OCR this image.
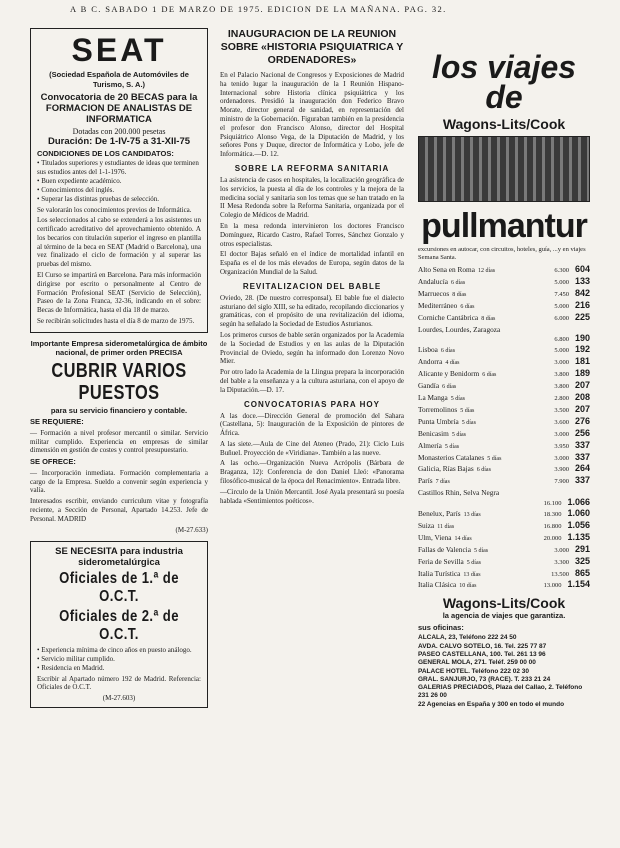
A B C. SABADO 1 DE MARZO DE 1975. EDICION DE LA MAÑANA. PAG. 32.
SEAT
(Sociedad Española de Automóviles de Turismo, S. A.)
Convocatoria de 20 BECAS para la FORMACION DE ANALISTAS DE INFORMATICA
Dotadas con 200.000 pesetas
Duración: De 1-IV-75 a 31-XII-75
CONDICIONES DE LOS CANDIDATOS:
• Titulados superiores y estudiantes de ideas que terminen sus estudios antes del 1-1-1976.
• Buen expediente académico.
• Conocimientos del inglés.
• Superar las distintas pruebas de selección.
Se valorarán los conocimientos previos de Informática.
Los seleccionados al cabo se extenderá a los asistentes un certificado acreditativo del aprovechamiento obtenido. A los becarios con titulación superior el ingreso en plantilla al término de la beca en SEAT (Madrid o Barcelona), una vez finalizado el ciclo de formación y al superar las pruebas del mismo.
El Curso se impartirá en Barcelona. Para más información dirigirse por escrito o personalmente al Centro de Formación Profesional SEAT (Servicio de Selección), Paseo de la Zona Franca, 32-36, indicando en el sobre: Becas de Informática, hasta el día 18 de marzo.
Se recibirán solicitudes hasta el día 8 de marzo de 1975.
Importante Empresa siderometalúrgica de ámbito nacional, de primer orden PRECISA
CUBRIR VARIOS PUESTOS
para su servicio financiero y contable.
SE REQUIERE:
— Formación a nivel profesor mercantil o similar. Servicio militar cumplido. Experiencia en empresas de similar dimensión en gestión de costes y control presupuestario.
SE OFRECE:
— Incorporación inmediata. Formación complementaria a cargo de la Empresa. Sueldo a convenir según experiencia y valía.
Interesados escribir, enviando curriculum vitae y fotografía reciente, a Sección de Personal, Apartado 14.253. Jefe de Personal. MADRID
(M-27.633)
SE NECESITA para industria siderometalúrgica
Oficiales de 1.ª de O.C.T.
Oficiales de 2.ª de O.C.T.
• Experiencia mínima de cinco años en puesto análogo.
• Servicio militar cumplido.
• Residencia en Madrid.
Escribir al Apartado número 192 de Madrid. Referencia: Oficiales de O.C.T.
(M-27.603)
INAUGURACION DE LA REUNION SOBRE «HISTORIA PSIQUIATRICA Y ORDENADORES»
En el Palacio Nacional de Congresos y Exposiciones de Madrid ha tenido lugar la inauguración de la I Reunión Hispano-Internacional sobre Historia clínica psiquiátrica y los ordenadores. Presidió la inauguración don Federico Bravo Morate, director general de sanidad, en representación del ministro de la Gobernación. Figuraban también en la presidencia el profesor don Francisco Alonso, director del Hospital Psiquiátrico Alonso Vega, de la Diputación de Madrid, y los señores Pons y Duque, director de Informática y Lobo, jefe de Informática.—D. 12.
SOBRE LA REFORMA SANITARIA
La asistencia de casos en hospitales, la localización geográfica de los servicios, la puesta al día de los controles y la mejora de la medicina social y sanitaria son los temas que se han tratado en la II Mesa Redonda sobre la Reforma Sanitaria, organizada por el Colegio de Médicos de Madrid.
En la mesa redonda intervinieron los doctores Francisco Domínguez, Ricardo Castro, Rafael Torres, Sánchez Gonzalo y otros especialistas.
El doctor Bajas señaló en el índice de mortalidad infantil en España es el de los más elevados de Europa, según datos de la Organización Mundial de la Salud.
REVITALIZACION DEL BABLE
Oviedo, 28. (De nuestro corresponsal). El bable fue el dialecto asturiano del siglo XIII, se ha editado, recopilando diccionarios y gramáticas, con el propósito de una revitalización del idioma, según ha señalado la Sociedad de Estudios Asturianos.
Los primeros cursos de bable serán organizados por la Academia de la Sociedad de Estudios y en las aulas de la Diputación Provincial de Oviedo, según ha informado don Lorenzo Novo Mier.
Por otro lado la Academia de la Llingua prepara la incorporación del bable a la enseñanza y a la cultura asturiana, con el apoyo de la Diputación.—D. 17.
CONVOCATORIAS PARA HOY
A las doce.—Dirección General de promoción del Sahara (Castellana, 5): Inauguración de la Exposición de pintores de África.
A las siete.—Aula de Cine del Ateneo (Prado, 21): Ciclo Luis Buñuel. Proyección de «Viridiana». También a las nueve.
A las ocho.—Organización Nueva Acrópolis (Bárbara de Braganza, 12): Conferencia de don Daniel Lleó: «Panorama filosófico-musical de la época del Renacimiento». Entrada libre.
—Circulo de la Unión Mercantil. José Ayala presentará su poesía hablada «Sentimientos poéticos».
los viajes de
Wagons-Lits/Cook
pullmantur
excursiones en autocar, con circuitos, hoteles, guía, ...y en viajes Semana Santa.
Alto Sena en Roma 12 días	6.300 604
Andalucía 6 días	5.000 133
Marruecos 8 días	7.450 842
Mediterráneo 6 días	5.000 216
Corniche Cantábrica 8 días	6.000 225
Lourdes, Lourdes, Zaragoza
6.800 190
Lisboa 6 días	5.000 192
Andorra 4 días	3.000 181
Alicante y Benidorm 6 días	3.800 189
Gandía 6 días	3.800 207
La Manga 5 días	2.800 208
Torremolinos 5 días	3.500 207
Punta Umbría 5 días	3.600 276
Benicasim 5 días	3.000 256
Almería 5 días	3.950 337
Monasterios Catalanes 5 días	3.000 337
Galicia, Rías Bajas 6 días	3.900 264
París 7 días	7.900 337
Castillos Rhin, Selva Negra
16.100 1.066
Benelux, París 13 días	18.300 1.060
Suiza 11 días	16.800 1.056
Ulm, Viena 14 días	20.000 1.135
Fallas de Valencia 5 días	3.000 291
Feria de Sevilla 5 días	3.300 325
Italia Turística 13 días	13.500 865
Italia Clásica 10 días	13.000 1.154
Wagons-Lits/Cook
la agencia de viajes que garantiza.
sus oficinas:
ALCALA, 23, Teléfono 222 24 50
AVDA. CALVO SOTELO, 16. Tel. 225 77 87
PASEO CASTELLANA, 100. Tel. 261 13 96
GENERAL MOLA, 271. Teléf. 259 00 00
PALACE HOTEL. Teléfono 222 02 30
GRAL. SANJURJO, 73 (RACE). T. 233 21 24
GALERIAS PRECIADOS, Plaza del Callao, 2. Teléfono 231 26 00
22 Agencias en España y 300 en todo el mundo
